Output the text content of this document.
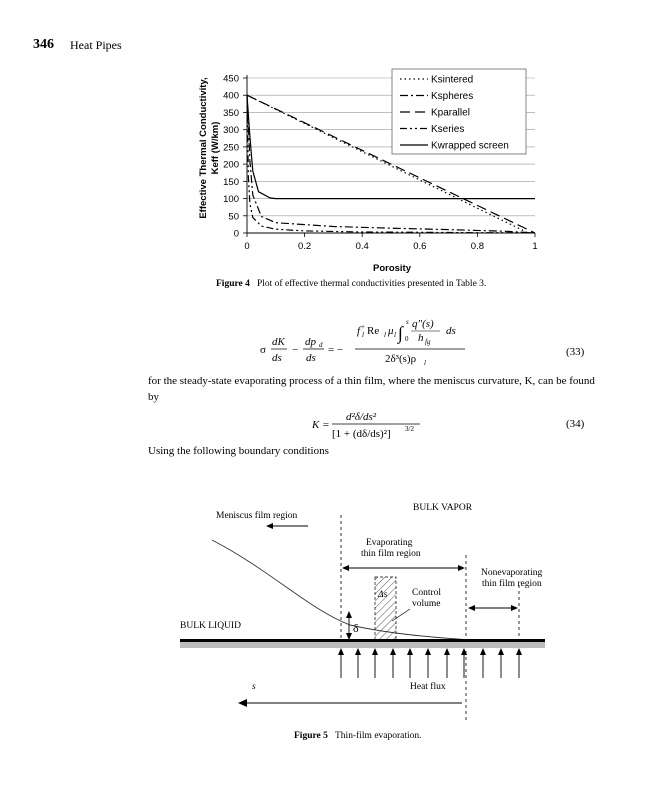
346 Heat Pipes
0
50
100
150
200
250
300
350
400
450
0	0.2	0.4	0.6	0.8	1
Porosity
Effective Thermal Conductivity, Keff (W/km)
Ksintered
Kspheres
Kparallel
Kseries
Kwrapped screen
Figure 4 Plot of effective thermal conductivities presented in Table 3.
σ
dK
ds
−
dp d
ds
= −
f +
l Re l μ l ∫
s
0
q″(s)
h fg
ds
2δ³(s)ρ l
K =
d²δ/ds²
[1 + (dδ/ds)²] 3/2
(33)
for the steady-state evaporating process of a thin film, where the meniscus curvature, K, can be found by
(34)
Using the following boundary conditions
BULK VAPOR
Meniscus film region
Evaporating
thin film region
Nonevaporating
thin film region
Δs	Control
volume
δ
BULK LIQUID
s	Heat flux
Figure 5 Thin-film evaporation.
